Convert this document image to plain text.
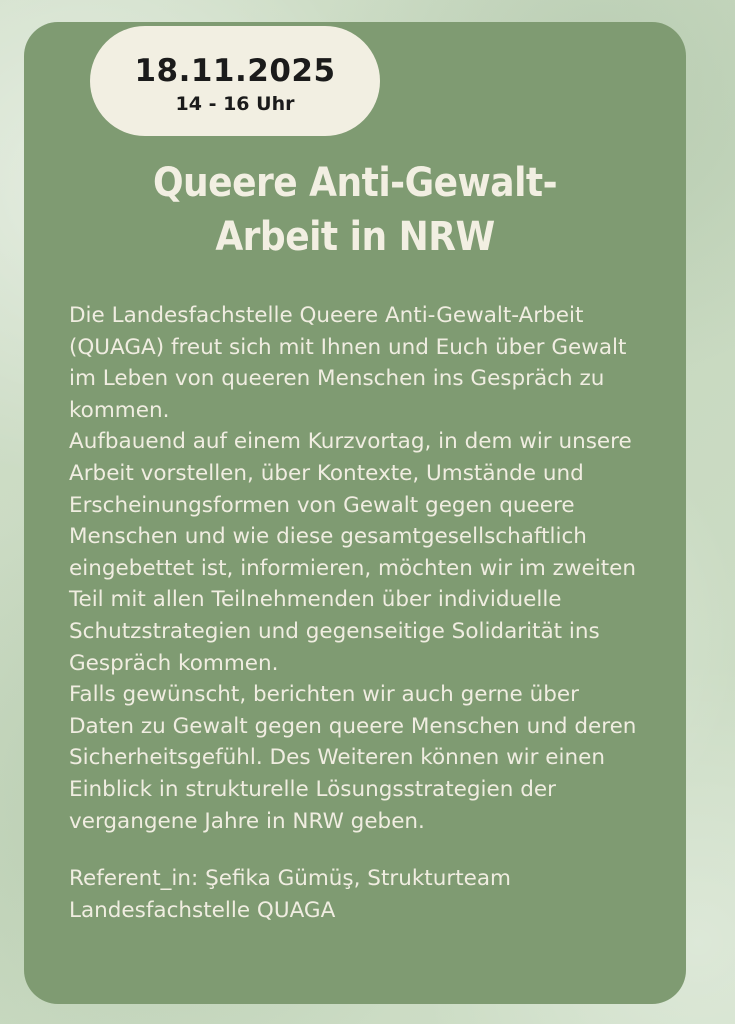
18.11.2025
14 - 16 Uhr
Queere Anti-Gewalt-
Arbeit in NRW

Die Landesfachstelle Queere Anti-Gewalt-Arbeit (QUAGA) freut sich mit Ihnen und Euch über Gewalt im Leben von queeren Menschen ins Gespräch zu kommen.

Aufbauend auf einem Kurzvortag, in dem wir unsere Arbeit vorstellen, über Kontexte, Umstände und Erscheinungsformen von Gewalt gegen queere Menschen und wie diese gesamtgesellschaftlich eingebettet ist, informieren, möchten wir im zweiten Teil mit allen Teilnehmenden über individuelle Schutzstrategien und gegenseitige Solidarität ins Gespräch kommen.

Falls gewünscht, berichten wir auch gerne über Daten zu Gewalt gegen queere Menschen und deren Sicherheitsgefühl. Des Weiteren können wir einen Einblick in strukturelle Lösungsstrategien der vergangene Jahre in NRW geben.

Referent_in: Şefika Gümüş, Strukturteam

Landesfachstelle QUAGA
